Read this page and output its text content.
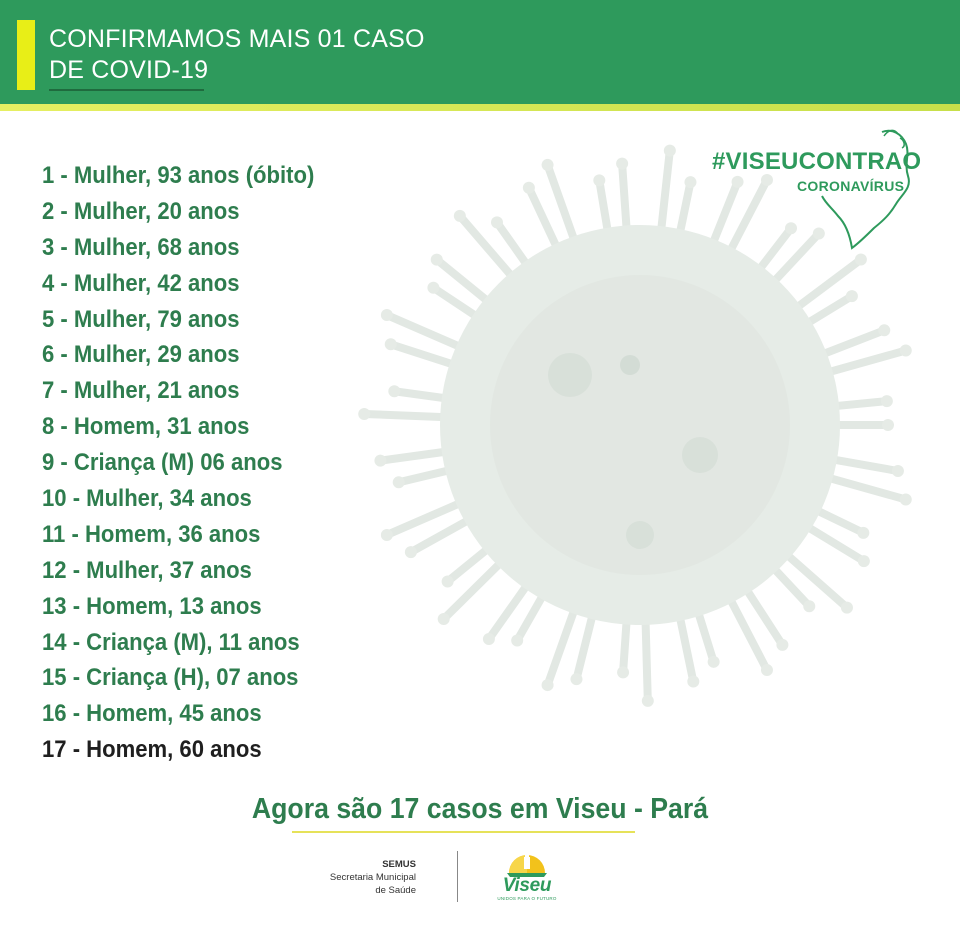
CONFIRMAMOS MAIS 01 CASO
DE COVID-19
#VISEUCONTRAO
CORONAVÍRUS
1 - Mulher, 93 anos (óbito)
2 - Mulher, 20 anos
3 - Mulher, 68 anos
4 - Mulher, 42 anos
5 - Mulher, 79 anos
6 - Mulher, 29 anos
7 - Mulher, 21 anos
8 - Homem, 31 anos
9 - Criança (M) 06 anos
10 - Mulher, 34 anos
11 - Homem, 36 anos
12 - Mulher, 37 anos
13 - Homem, 13 anos
14 - Criança (M), 11 anos
15 - Criança (H), 07 anos
16 - Homem, 45 anos
17 - Homem, 60 anos
Agora são 17 casos em Viseu - Pará
SEMUS
Secretaria Municipal
de Saúde	Viseu
UNIDOS PARA O FUTURO
